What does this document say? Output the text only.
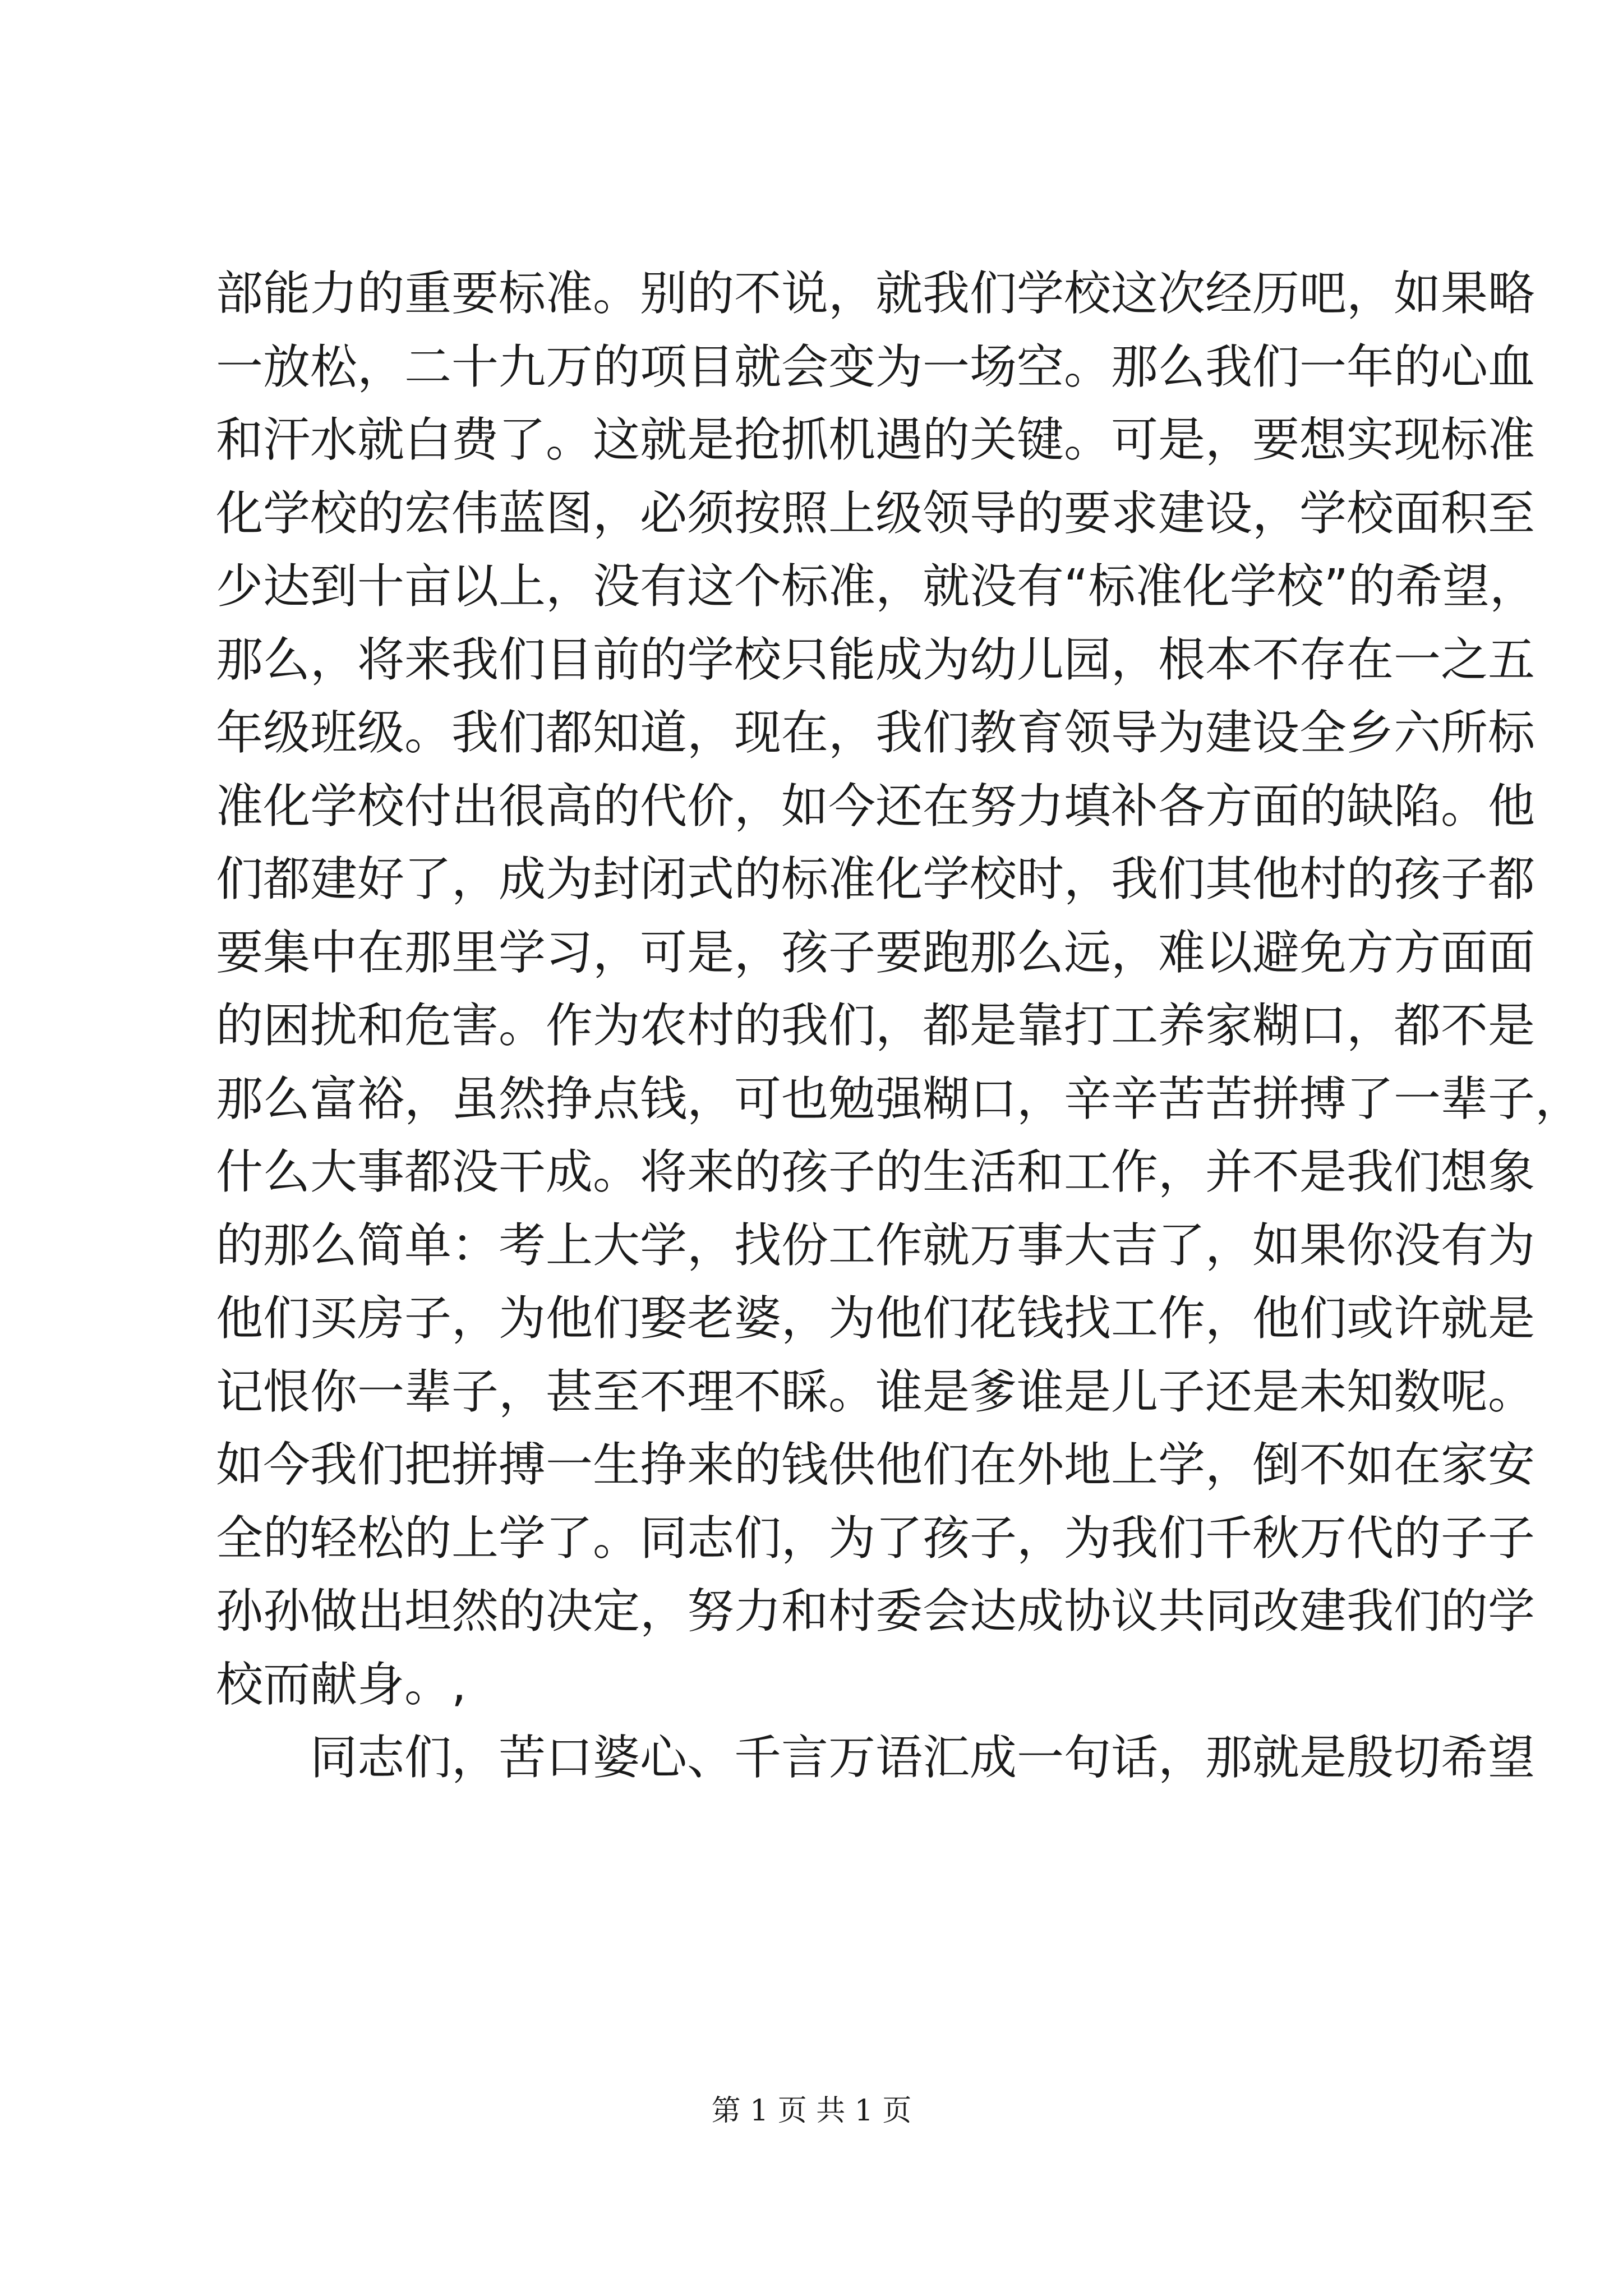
部能力的重要标准。别的不说，就我们学校这次经历吧，如果略
一放松，二十九万的项目就会变为一场空。那么我们一年的心血
和汗水就白费了。这就是抢抓机遇的关键。可是，要想实现标准
化学校的宏伟蓝图，必须按照上级领导的要求建设，学校面积至
少达到十亩以上，没有这个标准，就没有“标准化学校”的希望，
那么，将来我们目前的学校只能成为幼儿园，根本不存在一之五
年级班级。我们都知道，现在，我们教育领导为建设全乡六所标
准化学校付出很高的代价，如今还在努力填补各方面的缺陷。他
们都建好了，成为封闭式的标准化学校时，我们其他村的孩子都
要集中在那里学习，可是，孩子要跑那么远，难以避免方方面面
的困扰和危害。作为农村的我们，都是靠打工养家糊口，都不是
那么富裕，虽然挣点钱，可也勉强糊口，辛辛苦苦拼搏了一辈子，
什么大事都没干成。将来的孩子的生活和工作，并不是我们想象
的那么简单：考上大学，找份工作就万事大吉了，如果你没有为
他们买房子，为他们娶老婆，为他们花钱找工作，他们或许就是
记恨你一辈子，甚至不理不睬。谁是爹谁是儿子还是未知数呢。
如今我们把拼搏一生挣来的钱供他们在外地上学，倒不如在家安
全的轻松的上学了。同志们，为了孩子，为我们千秋万代的子子
孙孙做出坦然的决定，努力和村委会达成协议共同改建我们的学
校而献身。,
同志们，苦口婆心、千言万语汇成一句话，那就是殷切希望
第 1 页 共 1 页
